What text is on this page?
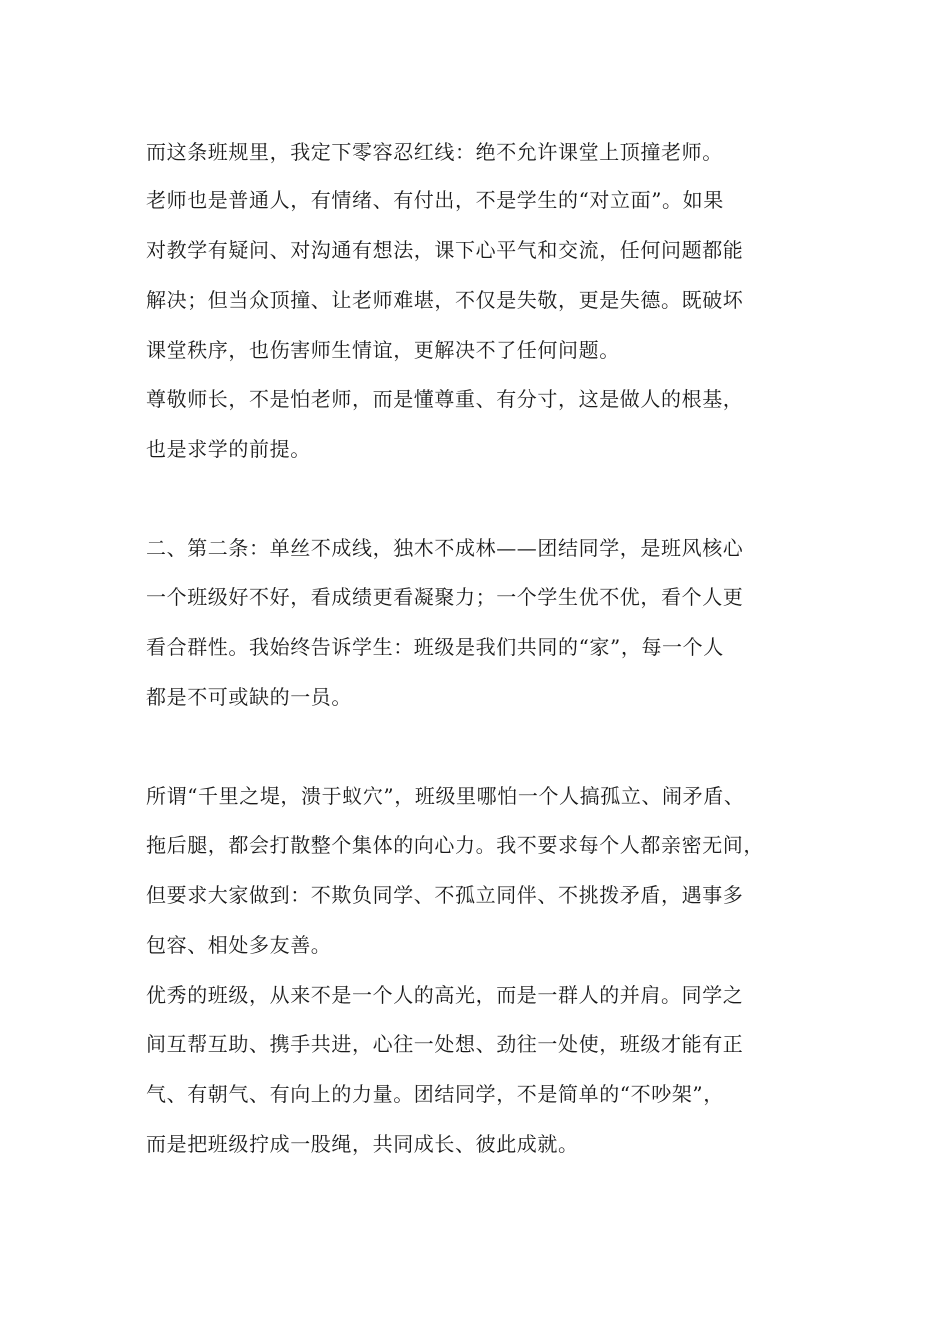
而这条班规里，我定下零容忍红线：绝不允许课堂上顶撞老师。

老师也是普通人，有情绪、有付出，不是学生的“对立面”。如果

对教学有疑问、对沟通有想法，课下心平气和交流，任何问题都能

解决；但当众顶撞、让老师难堪，不仅是失敬，更是失德。既破坏

课堂秩序，也伤害师生情谊，更解决不了任何问题。

尊敬师长，不是怕老师，而是懂尊重、有分寸，这是做人的根基，

也是求学的前提。

二、第二条：单丝不成线，独木不成林——团结同学，是班风核心

一个班级好不好，看成绩更看凝聚力；一个学生优不优，看个人更

看合群性。我始终告诉学生：班级是我们共同的“家”，每一个人

都是不可或缺的一员。

所谓“千里之堤，溃于蚁穴”，班级里哪怕一个人搞孤立、闹矛盾、

拖后腿，都会打散整个集体的向心力。我不要求每个人都亲密无间，

但要求大家做到：不欺负同学、不孤立同伴、不挑拨矛盾，遇事多

包容、相处多友善。

优秀的班级，从来不是一个人的高光，而是一群人的并肩。同学之

间互帮互助、携手共进，心往一处想、劲往一处使，班级才能有正

气、有朝气、有向上的力量。团结同学，不是简单的“不吵架”，

而是把班级拧成一股绳，共同成长、彼此成就。
